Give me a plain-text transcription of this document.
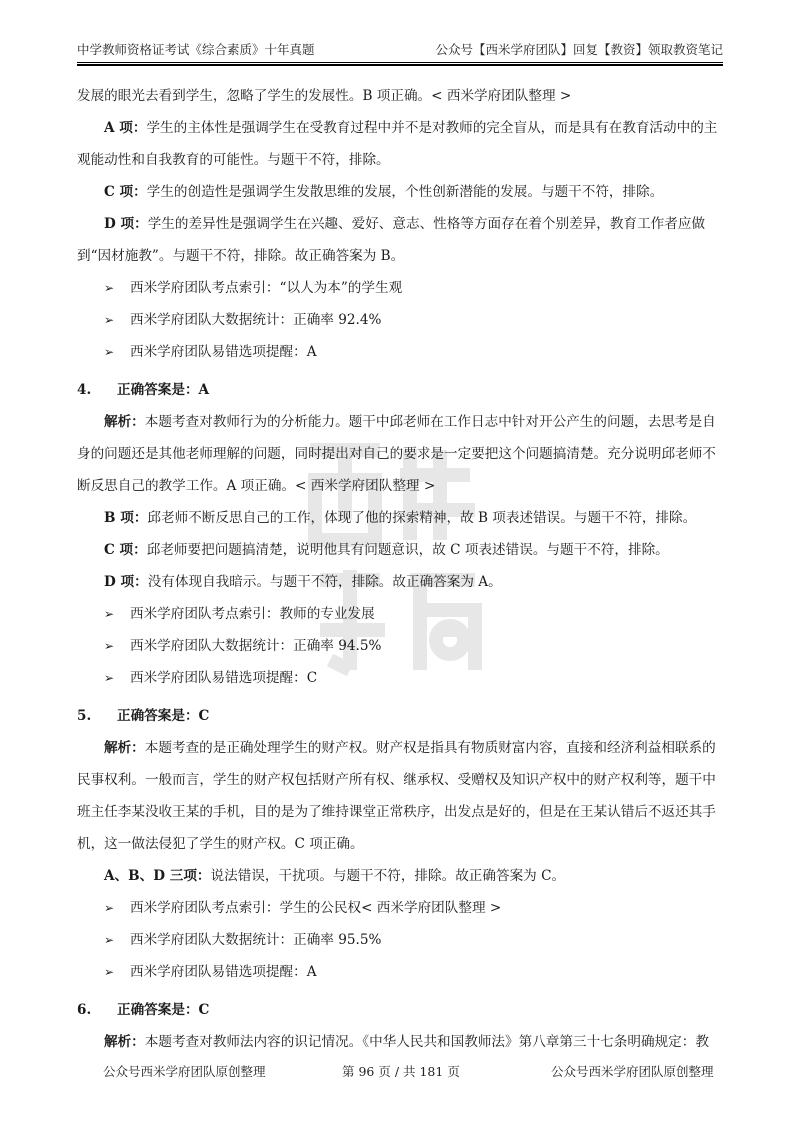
中学教师资格证考试《综合素质》十年真题	公众号【西米学府团队】回复【教资】领取教资笔记

发展的眼光去看到学生，忽略了学生的发展性。B 项正确。< 西米学府团队整理 >

A 项：学生的主体性是强调学生在受教育过程中并不是对教师的完全盲从，而是具有在教育活动中的主观能动性和自我教育的可能性。与题干不符，排除。

C 项：学生的创造性是强调学生发散思维的发展，个性创新潜能的发展。与题干不符，排除。

D 项：学生的差异性是强调学生在兴趣、爱好、意志、性格等方面存在着个别差异，教育工作者应做到“因材施教”。与题干不符，排除。故正确答案为 B。

➢	西米学府团队考点索引：“以人为本”的学生观
➢	西米学府团队大数据统计：正确率 92.4%
➢	西米学府团队易错选项提醒：A
4.	正确答案是：A

解析：本题考查对教师行为的分析能力。题干中邱老师在工作日志中针对开公产生的问题，去思考是自身的问题还是其他老师理解的问题，同时提出对自己的要求是一定要把这个问题搞清楚。充分说明邱老师不断反思自己的教学工作。A 项正确。< 西米学府团队整理 >

B 项：邱老师不断反思自己的工作，体现了他的探索精神，故 B 项表述错误。与题干不符，排除。

C 项：邱老师要把问题搞清楚，说明他具有问题意识，故 C 项表述错误。与题干不符，排除。

D 项：没有体现自我暗示。与题干不符，排除。故正确答案为 A。

➢	西米学府团队考点索引：教师的专业发展
➢	西米学府团队大数据统计：正确率 94.5%
➢	西米学府团队易错选项提醒：C
5.	正确答案是：C

解析：本题考查的是正确处理学生的财产权。财产权是指具有物质财富内容，直接和经济利益相联系的民事权利。一般而言，学生的财产权包括财产所有权、继承权、受赠权及知识产权中的财产权利等，题干中班主任李某没收王某的手机，目的是为了维持课堂正常秩序，出发点是好的，但是在王某认错后不返还其手机，这一做法侵犯了学生的财产权。C 项正确。

A、B、D 三项：说法错误，干扰项。与题干不符，排除。故正确答案为 C。

➢	西米学府团队考点索引：学生的公民权< 西米学府团队整理 >
➢	西米学府团队大数据统计：正确率 95.5%
➢	西米学府团队易错选项提醒：A
6.	正确答案是：C

解析：本题考查对教师法内容的识记情况。《中华人民共和国教师法》第八章第三十七条明确规定：教

公众号西米学府团队原创整理	第 96 页 / 共 181 页	公众号西米学府团队原创整理
